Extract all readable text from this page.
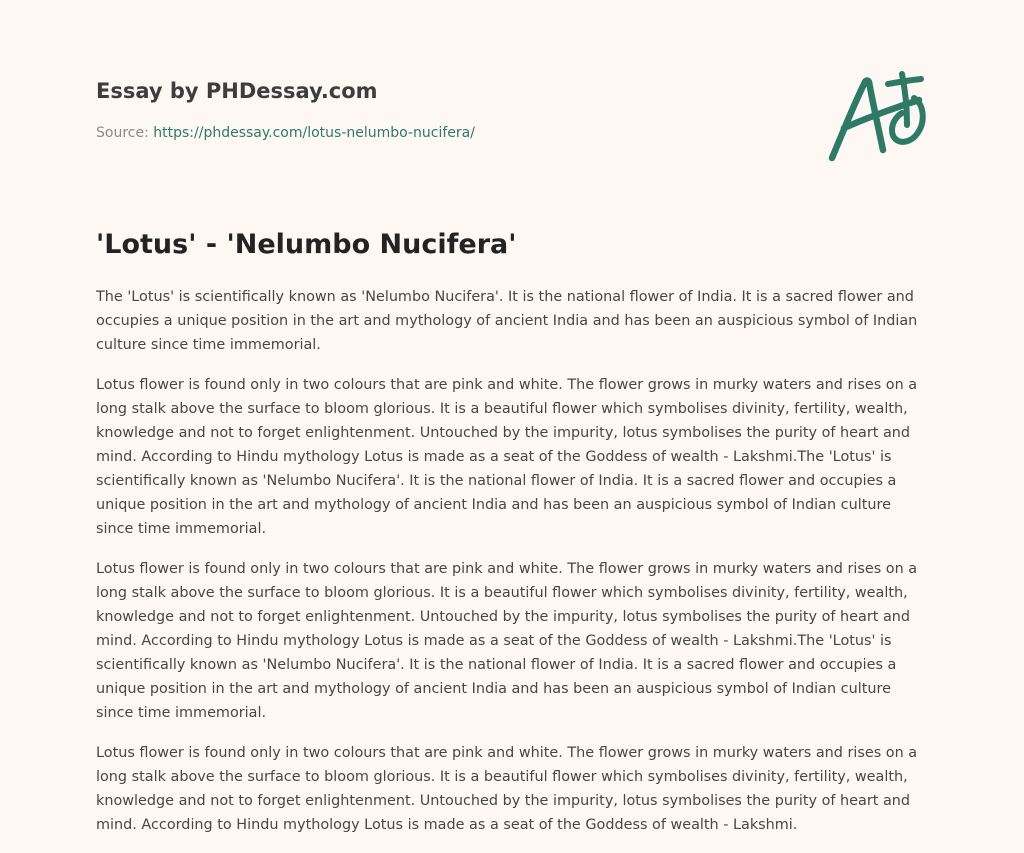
Essay by PHDessay.com
Source: https://phdessay.com/lotus-nelumbo-nucifera/
'Lotus' - 'Nelumbo Nucifera'

The 'Lotus' is scientifically known as 'Nelumbo Nucifera'. It is the national flower of India. It is a sacred flower and occupies a unique position in the art and mythology of ancient India and has been an auspicious symbol of Indian culture since time immemorial.

Lotus flower is found only in two colours that are pink and white. The flower grows in murky waters and rises on a long stalk above the surface to bloom glorious. It is a beautiful flower which symbolises divinity, fertility, wealth, knowledge and not to forget enlightenment. Untouched by the impurity, lotus symbolises the purity of heart and mind. According to Hindu mythology Lotus is made as a seat of the Goddess of wealth - Lakshmi.The 'Lotus' is scientifically known as 'Nelumbo Nucifera'. It is the national flower of India. It is a sacred flower and occupies a unique position in the art and mythology of ancient India and has been an auspicious symbol of Indian culture since time immemorial.

Lotus flower is found only in two colours that are pink and white. The flower grows in murky waters and rises on a long stalk above the surface to bloom glorious. It is a beautiful flower which symbolises divinity, fertility, wealth, knowledge and not to forget enlightenment. Untouched by the impurity, lotus symbolises the purity of heart and mind. According to Hindu mythology Lotus is made as a seat of the Goddess of wealth - Lakshmi.The 'Lotus' is scientifically known as 'Nelumbo Nucifera'. It is the national flower of India. It is a sacred flower and occupies a unique position in the art and mythology of ancient India and has been an auspicious symbol of Indian culture since time immemorial.

Lotus flower is found only in two colours that are pink and white. The flower grows in murky waters and rises on a long stalk above the surface to bloom glorious. It is a beautiful flower which symbolises divinity, fertility, wealth, knowledge and not to forget enlightenment. Untouched by the impurity, lotus symbolises the purity of heart and mind. According to Hindu mythology Lotus is made as a seat of the Goddess of wealth - Lakshmi.
